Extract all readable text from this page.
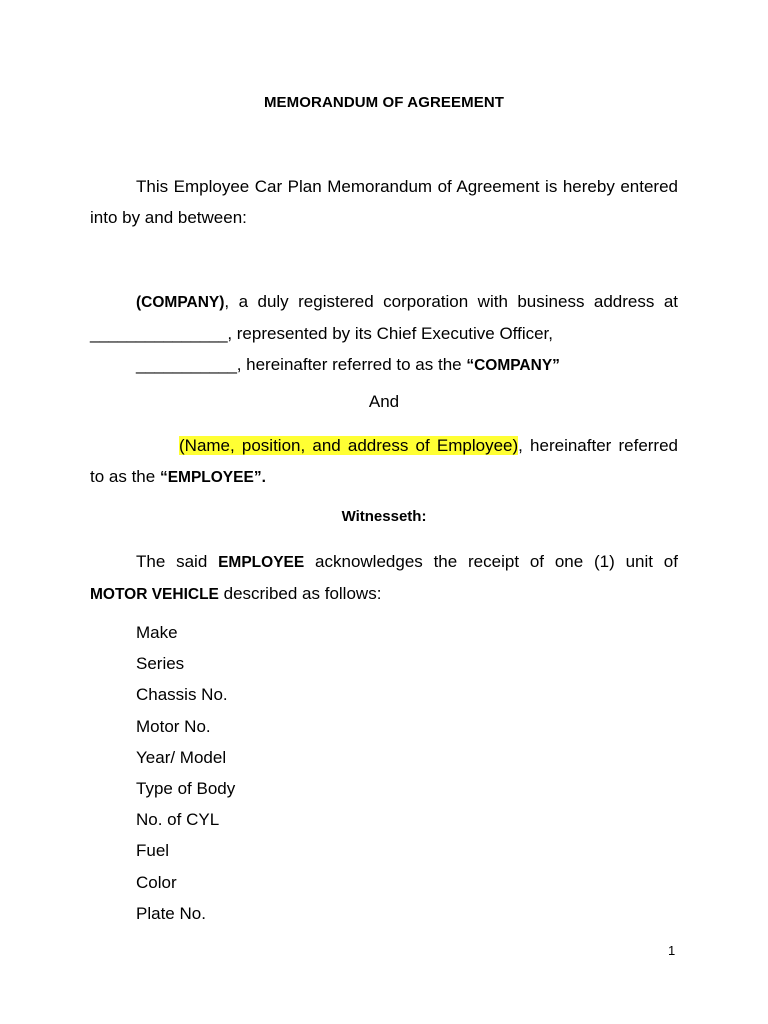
MEMORANDUM OF AGREEMENT
This Employee Car Plan Memorandum of Agreement is hereby entered into by and between:
(COMPANY), a duly registered corporation with business address at _______________, represented by its Chief Executive Officer,
___________, hereinafter referred to as the “COMPANY”
And
(Name, position, and address of Employee), hereinafter referred to as the “EMPLOYEE”.
Witnesseth:
The said EMPLOYEE acknowledges the receipt of one (1) unit of MOTOR VEHICLE described as follows:
Make
Series
Chassis No.
Motor No.
Year/ Model
Type of Body
No. of CYL
Fuel
Color
Plate No.
1
